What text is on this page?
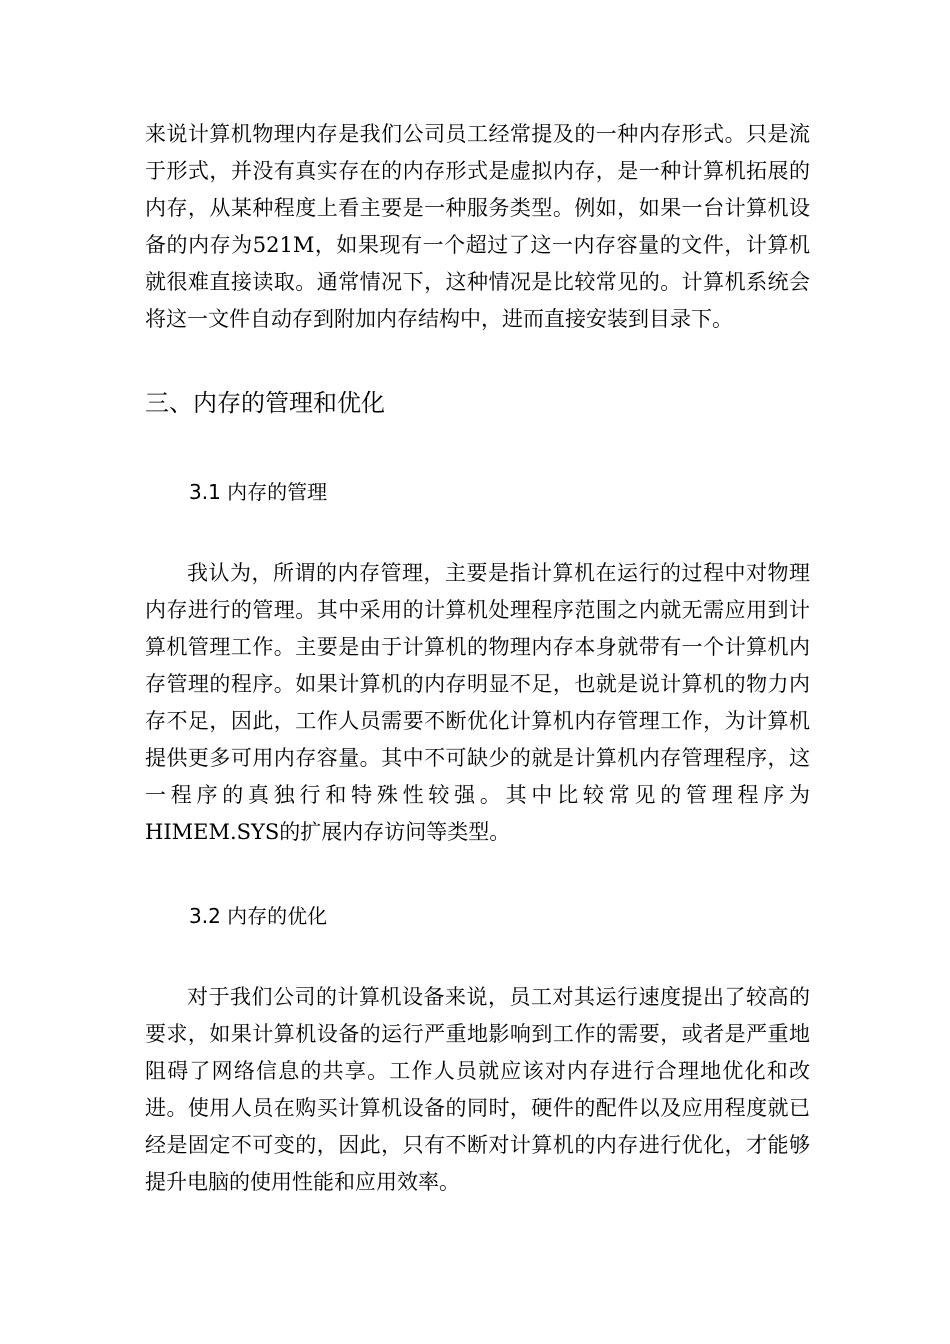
来说计算机物理内存是我们公司员工经常提及的一种内存形式。只是流于形式，并没有真实存在的内存形式是虚拟内存，是一种计算机拓展的内存，从某种程度上看主要是一种服务类型。例如，如果一台计算机设备的内存为521M，如果现有一个超过了这一内存容量的文件，计算机就很难直接读取。通常情况下，这种情况是比较常见的。计算机系统会将这一文件自动存到附加内存结构中，进而直接安装到目录下。

三、内存的管理和优化
3.1 内存的管理

我认为，所谓的内存管理，主要是指计算机在运行的过程中对物理内存进行的管理。其中采用的计算机处理程序范围之内就无需应用到计算机管理工作。主要是由于计算机的物理内存本身就带有一个计算机内存管理的程序。如果计算机的内存明显不足，也就是说计算机的物力内存不足，因此，工作人员需要不断优化计算机内存管理工作，为计算机提供更多可用内存容量。其中不可缺少的就是计算机内存管理程序，这一程序的真独行和特殊性较强。其中比较常见的管理程序为HIMEM.SYS的扩展内存访问等类型。

3.2 内存的优化

对于我们公司的计算机设备来说，员工对其运行速度提出了较高的要求，如果计算机设备的运行严重地影响到工作的需要，或者是严重地阻碍了网络信息的共享。工作人员就应该对内存进行合理地优化和改进。使用人员在购买计算机设备的同时，硬件的配件以及应用程度就已经是固定不可变的，因此，只有不断对计算机的内存进行优化，才能够提升电脑的使用性能和应用效率。
